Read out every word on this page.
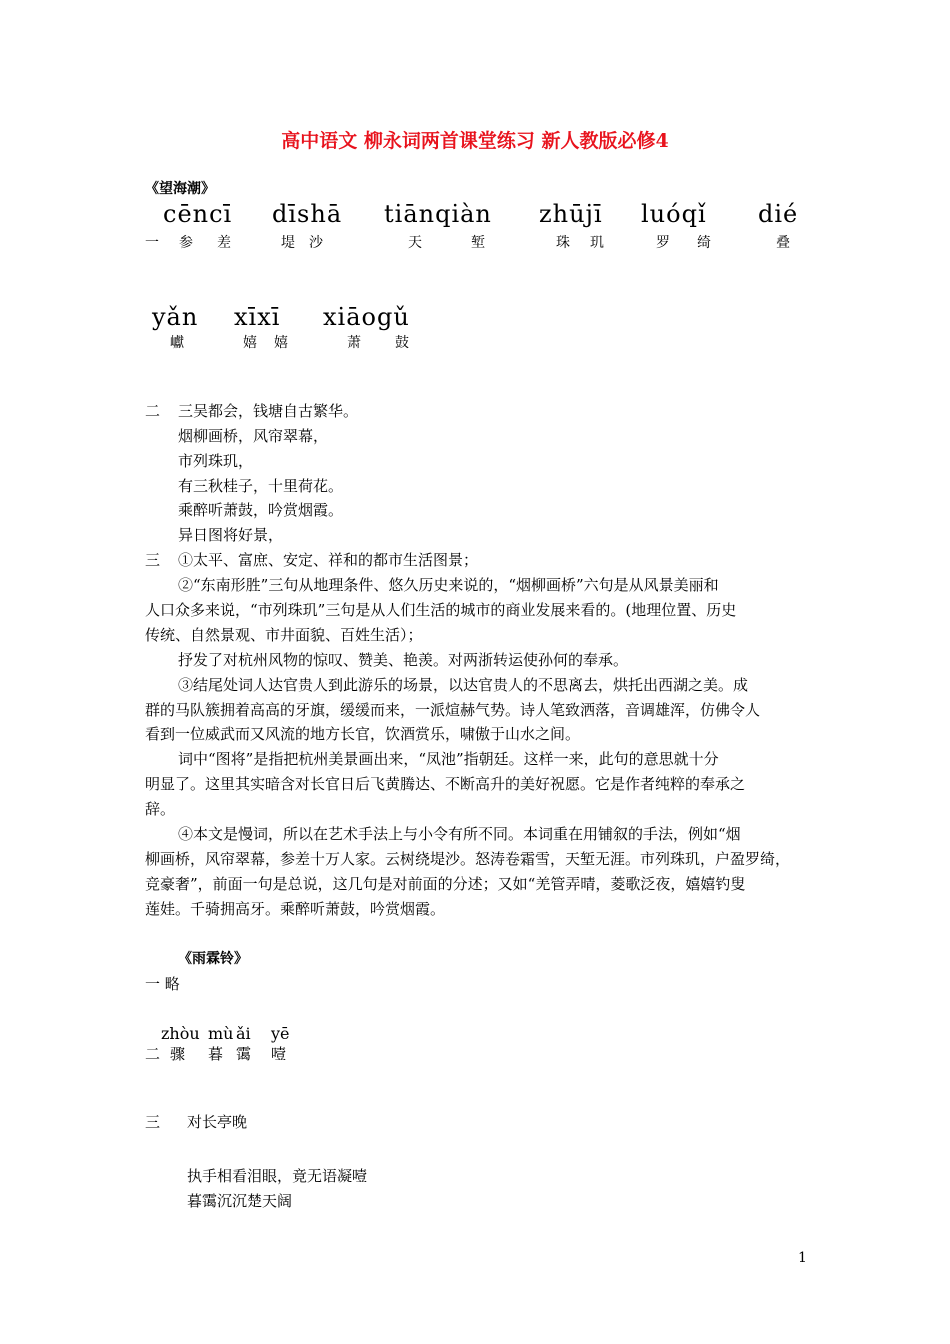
高中语文 柳永词两首课堂练习 新人教版必修4
《望海潮》
cēncī dīshā tiānqiàn zhūjī luóqǐ dié
一 参 差	堤 沙	天	堑	珠 玑	罗 绮	叠
yǎn xīxī xiāogǔ
巘	嬉 嬉	萧 鼓
二 三吴都会，钱塘自古繁华。
烟柳画桥，风帘翠幕，
市列珠玑，
有三秋桂子，十里荷花。
乘醉听萧鼓，吟赏烟霞。
异日图将好景，
三 ①太平、富庶、安定、祥和的都市生活图景；
②“东南形胜”三句从地理条件、悠久历史来说的，“烟柳画桥”六句是从风景美丽和
人口众多来说，“市列珠玑”三句是从人们生活的城市的商业发展来看的。(地理位置、历史
传统、自然景观、市井面貌、百姓生活）；
抒发了对杭州风物的惊叹、赞美、艳羡。对两浙转运使孙何的奉承。
③结尾处词人达官贵人到此游乐的场景，以达官贵人的不思离去，烘托出西湖之美。成
群的马队簇拥着高高的牙旗，缓缓而来，一派煊赫气势。诗人笔致洒落，音调雄浑，仿佛令人
看到一位威武而又风流的地方长官，饮酒赏乐，啸傲于山水之间。
词中“图将”是指把杭州美景画出来，“凤池”指朝廷。这样一来，此句的意思就十分
明显了。这里其实暗含对长官日后飞黄腾达、不断高升的美好祝愿。它是作者纯粹的奉承之
辞。
④本文是慢词，所以在艺术手法上与小令有所不同。本词重在用铺叙的手法，例如“烟
柳画桥，风帘翠幕，参差十万人家。云树绕堤沙。怒涛卷霜雪，天堑无涯。市列珠玑，户盈罗绮，
竞豪奢”，前面一句是总说，这几句是对前面的分述；又如“羌管弄晴，菱歌泛夜，嬉嬉钓叟
莲娃。千骑拥高牙。乘醉听萧鼓，吟赏烟霞。
《雨霖铃》
一 略
zhòu mù ǎi yē
二 骤 暮 霭 噎
三 对长亭晚
执手相看泪眼，竟无语凝噎
暮霭沉沉楚天阔
1
